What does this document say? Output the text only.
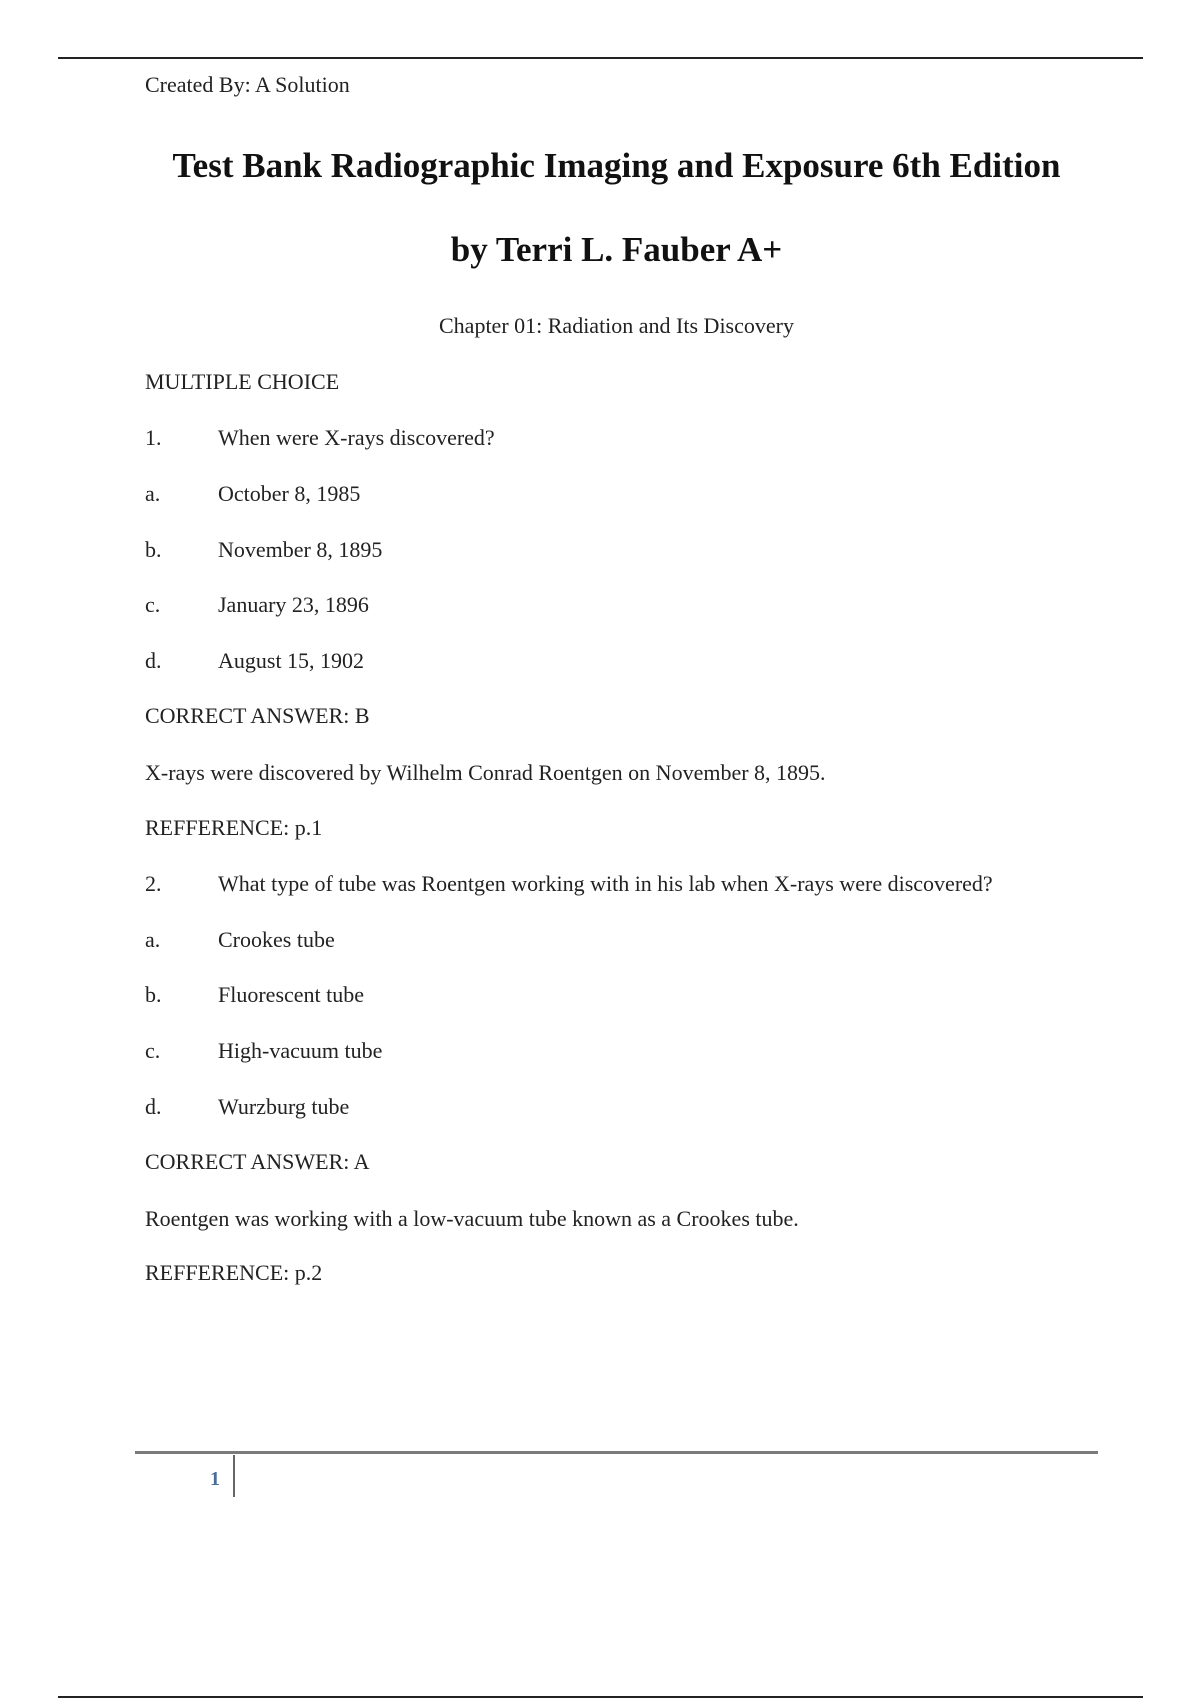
Created By: A Solution
Test Bank Radiographic Imaging and Exposure 6th Edition
by Terri L. Fauber A+
Chapter 01: Radiation and Its Discovery
MULTIPLE CHOICE
1.	When were X-rays discovered?
a.	October 8, 1985
b.	November 8, 1895
c.	January 23, 1896
d.	August 15, 1902
CORRECT ANSWER: B
X-rays were discovered by Wilhelm Conrad Roentgen on November 8, 1895.
REFFERENCE: p.1
2.	What type of tube was Roentgen working with in his lab when X-rays were discovered?
a.	Crookes tube
b.	Fluorescent tube
c.	High-vacuum tube
d.	Wurzburg tube
CORRECT ANSWER: A
Roentgen was working with a low-vacuum tube known as a Crookes tube.
REFFERENCE: p.2
1
